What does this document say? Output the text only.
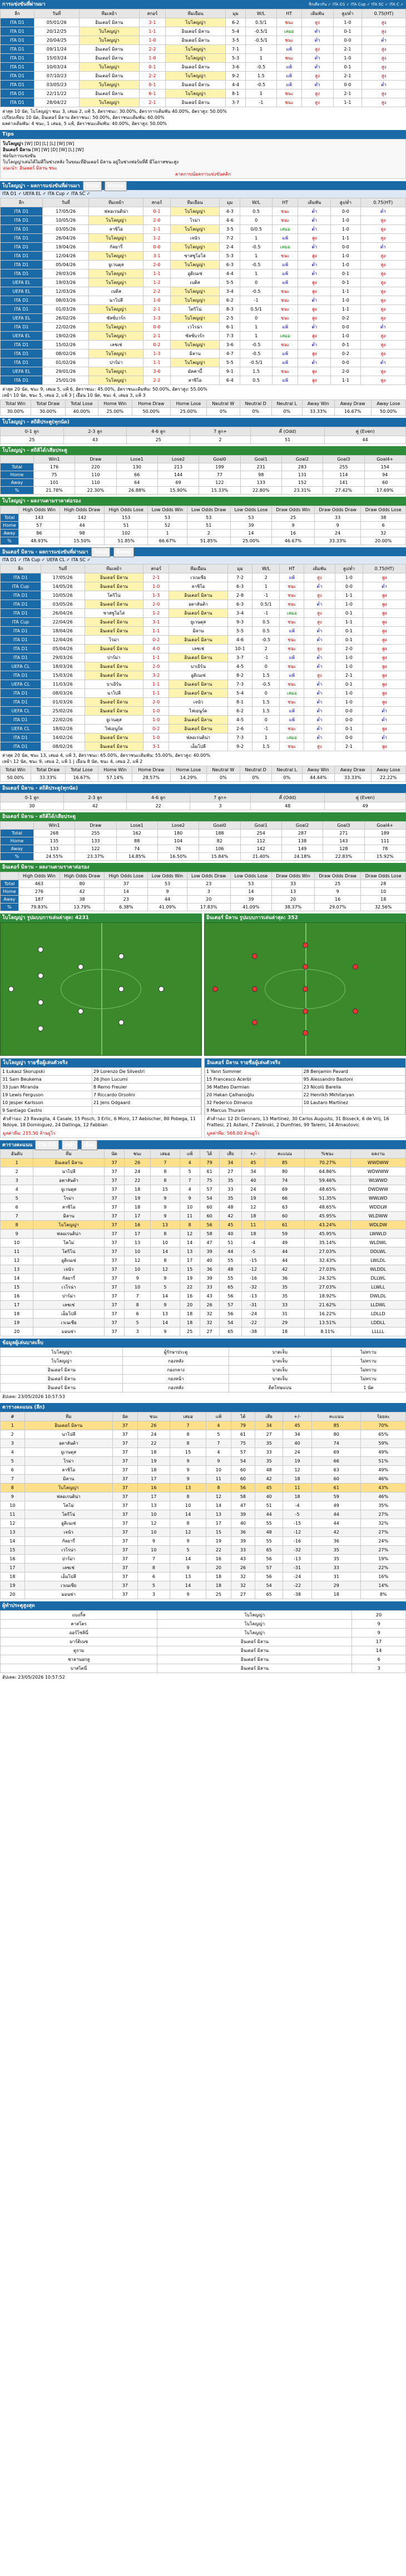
การแข่งขันที่ผ่านมา	ลีกเดียวกัน ✓ ITA D1 ✓ ITA Cup ✓ ITA SC ✓ ITA C ✓
ลีก	วันที่	ทีมเหย้า	สกอร์	ทีมเยือน	มุม	W/L	HT	เดิมพัน	สูง/ต่ำ	0.75(HT)
ITA D1	05/01/26	อินเตอร์ มิลาน	3-1	โบโลญญ่า	6-2	0.5/1	ชนะ	สูง	1-0	สูง
ITA D1	20/12/25	โบโลญญ่า	1-1	อินเตอร์ มิลาน	5-4	-0.5/1	เสมอ	ต่ำ	0-1	สูง
ITA D1	20/04/25	โบโลญญ่า	1-0	อินเตอร์ มิลาน	3-5	-0.5/1	ชนะ	ต่ำ	0-0	ต่ำ
ITA D1	09/11/24	อินเตอร์ มิลาน	2-2	โบโลญญ่า	7-1	1	แพ้	สูง	2-1	สูง
ITA D1	15/03/24	อินเตอร์ มิลาน	1-0	โบโลญญ่า	5-3	1	ชนะ	ต่ำ	1-0	สูง
ITA D1	10/03/24	โบโลญญ่า	0-1	อินเตอร์ มิลาน	3-6	-0.5	แพ้	ต่ำ	0-1	สูง
ITA D1	07/10/23	อินเตอร์ มิลาน	2-2	โบโลญญ่า	9-2	1.5	แพ้	สูง	2-1	สูง
ITA D1	03/05/23	โบโลญญ่า	0-1	อินเตอร์ มิลาน	4-4	-0.5	แพ้	ต่ำ	0-0	ต่ำ
ITA D1	22/11/22	อินเตอร์ มิลาน	6-1	โบโลญญ่า	8-1	1	ชนะ	สูง	2-1	สูง
ITA D1	28/04/22	โบโลญญ่า	2-1	อินเตอร์ มิลาน	3-7	-1	ชนะ	สูง	1-1	สูง
ล่าสุด 10 นัด, โบโลญญ่า ชนะ 3, เสมอ 2, แพ้ 5, อัตราชนะ: 30.00%, อัตราการเดิมพัน 40.00%, อัตราสูง: 50.00%
เปรียบเทียบ 10 นัด, อินเตอร์ มิลาน อัตราชนะ: 50.00%, อัตราชนะเดิมพัน: 60.00%
ผลต่างเดิมพัน: 4 ชนะ, 1 เสมอ, 5 แพ้, อัตราชนะเดิมพัน: 40.00%, อัตราสูง: 50.00%
Tips
โบโลญญ่า [W] [D] [L] [L] [W] [W]
อินเตอร์ มิลาน [W] [W] [D] [W] [L] [W]
ฟอร์มการแข่งขัน
โบโลญญ่าเล่นได้ไม่ดีในช่วงหลัง ในขณะที่อินเตอร์ มิลาน อยู่ในช่วงฟอร์มที่ดี มีโอกาสชนะสูง
แนะนำ: อินเตอร์ มิลาน ชนะ
คาดการณ์ผลการแข่งขันคลิก
โบโลญญ่า - ผลการแข่งขันที่ผ่านมา Total Home
ITA D1 ✓ UEFA EL ✓ ITA Cup ✓ ITA SC ✓
ลีก	วันที่	ทีมเหย้า	สกอร์	ทีมเยือน	มุม	W/L	HT	เดิมพัน	สูง/ต่ำ	0.75(HT)
ITA D1	17/05/26	ฟลอเรนติน่า	0-1	โบโลญญ่า	4-3	0.5	ชนะ	ต่ำ	0-0	ต่ำ
ITA D1	10/05/26	โบโลญญ่า	2-0	โรม่า	4-6	0	ชนะ	ต่ำ	1-0	สูง
ITA D1	03/05/26	ลาซิโอ	1-1	โบโลญญ่า	3-5	0/0.5	เสมอ	ต่ำ	1-0	สูง
ITA D1	26/04/26	โบโลญญ่า	1-2	เจนัว	7-2	1	แพ้	สูง	1-1	สูง
ITA D1	19/04/26	กัลยารี่	0-0	โบโลญญ่า	2-4	-0.5	เสมอ	ต่ำ	0-0	ต่ำ
ITA D1	12/04/26	โบโลญญ่า	3-1	ซาสซูโอโล่	5-3	1	ชนะ	สูง	1-0	สูง
ITA D1	05/04/26	ยูเวนตุส	2-0	โบโลญญ่า	6-3	-0.5	แพ้	ต่ำ	1-0	สูง
ITA D1	29/03/26	โบโลญญ่า	1-1	อูดิเนเซ่	4-4	1	แพ้	ต่ำ	0-1	สูง
UEFA EL	19/03/26	โบโลญญ่า	1-2	เบติส	5-5	0	แพ้	สูง	0-1	สูง
UEFA EL	12/03/26	เบติส	2-2	โบโลญญ่า	3-4	-0.5	ชนะ	สูง	1-1	สูง
ITA D1	08/03/26	นาโปลี	1-0	โบโลญญ่า	6-2	-1	ชนะ	ต่ำ	1-0	สูง
ITA D1	01/03/26	โบโลญญ่า	2-1	โตริโน่	8-3	0.5/1	ชนะ	สูง	1-1	สูง
UEFA EL	26/02/26	ซัลซ์บวร์ก	1-3	โบโลญญ่า	2-5	0	ชนะ	สูง	0-2	สูง
ITA D1	22/02/26	โบโลญญ่า	0-0	เวโรน่า	6-1	1	แพ้	ต่ำ	0-0	ต่ำ
UEFA EL	19/02/26	โบโลญญ่า	2-1	ซัลซ์บวร์ก	7-3	1	เสมอ	สูง	1-0	สูง
ITA D1	15/02/26	เลชเช่	0-2	โบโลญญ่า	3-6	-0.5	ชนะ	ต่ำ	0-1	สูง
ITA D1	08/02/26	โบโลญญ่า	1-3	มิลาน	4-7	-0.5	แพ้	สูง	0-2	สูง
ITA D1	01/02/26	ปาร์ม่า	1-1	โบโลญญ่า	5-5	-0.5/1	แพ้	ต่ำ	0-0	ต่ำ
UEFA EL	29/01/26	โบโลญญ่า	3-0	มัคคาบี้	9-1	1.5	ชนะ	สูง	2-0	สูง
ITA D1	25/01/26	โบโลญญ่า	2-2	ลาซิโอ	6-4	0.5	แพ้	สูง	1-1	สูง
ล่าสุด 20 นัด, ชนะ 9, เสมอ 5, แพ้ 6, อัตราชนะ: 45.00%, อัตราชนะเดิมพัน: 50.00%, อัตราสูง: 55.00%
เหย้า 10 นัด, ชนะ 5, เสมอ 2, แพ้ 3 | เยือน 10 นัด, ชนะ 4, เสมอ 3, แพ้ 3
Total Win	Total Draw	Total Lose	Home Win	Home Draw	Home Lose	Neutral W	Neutral D	Neutral L	Away Win	Away Draw	Away Lose
30.00%	30.00%	40.00%	25.00%	50.00%	25.00%	0%	0%	0%	33.33%	16.67%	50.00%
โบโลญญ่า - สถิติประตู(ทุกนัด)
0-1 ลูก	2-3 ลูก	4-6 ลูก	7 ลูก+	คี่ (Odd)	คู่ (Even)
25	43	25	2	51	44
โบโลญญ่า - สถิติได้/เสียประตู
	Win1	Draw	Lose1	Lose2	Goal0	Goal1	Goal2	Goal3	Goal4+
Total	176	220	130	213	199	231	283	255	154
Home	75	110	66	144	77	98	131	114	94
Away	101	110	64	69	122	133	152	141	60
%	21.78%	22.30%	26.88%	15.90%	15.33%	22.80%	23.31%	27.42%	17.69%
โบโลญญ่า - ผลงานตามราคาต่อรอง
	High Odds Win	High Odds Draw	High Odds Lose	Low Odds Win	Low Odds Draw	Low Odds Lose	Draw Odds Win	Draw Odds Draw	Draw Odds Lose
Total	143	142	153	53	53	53	25	33	38
Home	57	44	51	52	51	39	9	9	6
Away	86	98	102	1	2	14	16	24	32
%	48.93%	15.50%	51.85%	66.67%	51.85%	25.00%	46.67%	33.33%	20.00%
อินเตอร์ มิลาน - ผลการแข่งขันที่ผ่านมา Total Away
ITA D1 ✓ ITA Cup ✓ UEFA CL ✓ ITA SC ✓
ลีก	วันที่	ทีมเหย้า	สกอร์	ทีมเยือน	มุม	W/L	HT	เดิมพัน	สูง/ต่ำ	0.75(HT)
ITA D1	17/05/26	อินเตอร์ มิลาน	2-1	เวเนเซีย	7-2	2	แพ้	สูง	1-0	สูง
ITA Cup	14/05/26	อินเตอร์ มิลาน	1-0	ลาซิโอ	6-3	1	ชนะ	ต่ำ	0-0	ต่ำ
ITA D1	10/05/26	โตริโน่	1-3	อินเตอร์ มิลาน	2-8	-1	ชนะ	สูง	1-1	สูง
ITA D1	03/05/26	อินเตอร์ มิลาน	2-0	อตาลันต้า	6-3	0.5/1	ชนะ	ต่ำ	1-0	สูง
ITA D1	26/04/26	ซาสซูโอโล่	1-2	อินเตอร์ มิลาน	3-4	-1	เสมอ	สูง	0-1	สูง
ITA Cup	22/04/26	อินเตอร์ มิลาน	3-1	ยูเวนตุส	9-3	0.5	ชนะ	สูง	1-1	สูง
ITA D1	18/04/26	อินเตอร์ มิลาน	1-1	มิลาน	5-5	0.5	แพ้	ต่ำ	0-1	สูง
ITA D1	12/04/26	โรม่า	0-2	อินเตอร์ มิลาน	4-6	-0.5	ชนะ	ต่ำ	0-1	สูง
ITA D1	05/04/26	อินเตอร์ มิลาน	4-0	เลชเช่	10-1	2	ชนะ	สูง	2-0	สูง
ITA D1	29/03/26	ปาร์ม่า	1-1	อินเตอร์ มิลาน	3-7	-1	แพ้	ต่ำ	1-0	สูง
UEFA CL	18/03/26	อินเตอร์ มิลาน	2-0	บาเยิร์น	4-5	0	ชนะ	ต่ำ	1-0	สูง
ITA D1	15/03/26	อินเตอร์ มิลาน	3-2	อูดิเนเซ่	8-2	1.5	แพ้	สูง	2-1	สูง
UEFA CL	11/03/26	บาเยิร์น	1-1	อินเตอร์ มิลาน	7-3	-0.5	ชนะ	ต่ำ	0-1	สูง
ITA D1	08/03/26	นาโปลี	1-1	อินเตอร์ มิลาน	5-4	0	เสมอ	ต่ำ	1-0	สูง
ITA D1	01/03/26	อินเตอร์ มิลาน	2-0	เจนัว	8-1	1.5	ชนะ	ต่ำ	1-0	สูง
UEFA CL	25/02/26	อินเตอร์ มิลาน	1-0	ไฟเยนูร์ด	6-2	1.5	แพ้	ต่ำ	0-0	ต่ำ
ITA D1	22/02/26	ยูเวนตุส	1-0	อินเตอร์ มิลาน	4-5	0	แพ้	ต่ำ	0-0	ต่ำ
UEFA CL	18/02/26	ไฟเยนูร์ด	0-2	อินเตอร์ มิลาน	2-6	-1	ชนะ	ต่ำ	0-1	สูง
ITA D1	14/02/26	อินเตอร์ มิลาน	1-0	ฟลอเรนติน่า	7-3	1	เสมอ	ต่ำ	0-0	ต่ำ
ITA D1	08/02/26	อินเตอร์ มิลาน	3-1	เอ็มโปลี	9-2	1.5	ชนะ	สูง	2-1	สูง
ล่าสุด 20 นัด, ชนะ 13, เสมอ 4, แพ้ 3, อัตราชนะ: 65.00%, อัตราชนะเดิมพัน: 55.00%, อัตราสูง: 40.00%
เหย้า 12 นัด, ชนะ 9, เสมอ 2, แพ้ 1 | เยือน 8 นัด, ชนะ 4, เสมอ 2, แพ้ 2
Total Win	Total Draw	Total Lose	Home Win	Home Draw	Home Lose	Neutral W	Neutral D	Neutral L	Away Win	Away Draw	Away Lose
50.00%	33.33%	16.67%	57.14%	28.57%	14.29%	0%	0%	0%	44.44%	33.33%	22.22%
อินเตอร์ มิลาน - สถิติประตู(ทุกนัด)
0-1 ลูก	2-3 ลูก	4-6 ลูก	7 ลูก+	คี่ (Odd)	คู่ (Even)
30	42	22	3	48	49
อินเตอร์ มิลาน - สถิติได้/เสียประตู
	Win1	Draw	Lose1	Lose2	Goal0	Goal1	Goal2	Goal3	Goal4+
Total	268	255	162	180	188	254	287	271	189
Home	135	133	88	104	82	112	138	143	111
Away	133	122	74	76	106	142	149	128	78
%	24.55%	23.37%	14.85%	16.50%	15.84%	21.40%	24.18%	22.83%	15.92%
อินเตอร์ มิลาน - ผลงานตามราคาต่อรอง
	High Odds Win	High Odds Draw	High Odds Lose	Low Odds Win	Low Odds Draw	Low Odds Lose	Draw Odds Win	Draw Odds Draw	Draw Odds Lose
Total	463	80	37	53	23	53	33	25	28
Home	276	42	14	9	3	14	13	9	10
Away	187	38	23	44	20	39	20	16	18
%	79.83%	13.79%	6.38%	41.09%	17.83%	41.09%	38.37%	29.07%	32.56%
โบโลญญ่า รูปแบบการเล่นล่าสุด: 4231	อินเตอร์ มิลาน รูปแบบการเล่นล่าสุด: 352
โบโลญญ่า รายชื่อผู้เล่นตัวจริง
1 Łukasz Skorupski	29 Lorenzo De Silvestri
31 Sam Beukema	26 Jhon Lucumí
33 Juan Miranda	8 Remo Freuler
19 Lewis Ferguson	7 Riccardo Orsolini
10 Jesper Karlsson	21 Jens Odgaard
9 Santiago Castro	
ตัวสำรอง: 23 Ravaglia, 4 Casale, 15 Posch, 3 Erlic, 6 Moro, 17 Aebischer, 80 Pobega, 11 Ndoye, 18 Dominguez, 24 Dallinga, 12 Fabbian
มูลค่าทีม: 215.50 ล้านยูโร
อินเตอร์ มิลาน รายชื่อผู้เล่นตัวจริง
1 Yann Sommer	28 Benjamin Pavard
15 Francesco Acerbi	95 Alessandro Bastoni
36 Matteo Darmian	23 Nicolò Barella
20 Hakan Çalhanoğlu	22 Henrikh Mkhitaryan
32 Federico Dimarco	10 Lautaro Martínez
9 Marcus Thuram	
ตัวสำรอง: 12 Di Gennaro, 13 Martinez, 30 Carlos Augusto, 31 Bisseck, 6 de Vrij, 16 Frattesi, 21 Asllani, 7 Zielinski, 2 Dumfries, 99 Taremi, 14 Arnautovic
มูลค่าทีม: 568.00 ล้านยูโร
ตารางคะแนน ITA D1 เหย้า เยือน
อันดับ	ทีม	นัด	ชนะ	เสมอ	แพ้	ได้	เสีย	+/-	คะแนน	%ชนะ	ผลงาน
1	อินเตอร์ มิลาน	37	26	7	4	79	34	45	85	70.27%	WWDWW
2	นาโปลี	37	24	8	5	61	27	34	80	64.86%	WDWWW
3	อตาลันต้า	37	22	8	7	75	35	40	74	59.46%	WLWWD
4	ยูเวนตุส	37	18	15	4	57	33	24	69	48.65%	DWDWW
5	โรม่า	37	19	9	9	54	35	19	66	51.35%	WWLWD
6	ลาซิโอ	37	18	9	10	60	48	12	63	48.65%	WDDLW
7	มิลาน	37	17	9	11	60	42	18	60	45.95%	WLDWW
8	โบโลญญ่า	37	16	13	8	56	45	11	61	43.24%	WDLDW
9	ฟลอเรนติน่า	37	17	8	12	58	40	18	59	45.95%	LWWLD
10	โคโม่	37	13	10	14	47	51	-4	49	35.14%	WLDWL
11	โตริโน่	37	10	14	13	39	44	-5	44	27.03%	DDLWL
12	อูดิเนเซ่	37	12	8	17	40	55	-15	44	32.43%	LWLDL
13	เจนัว	37	10	12	15	36	48	-12	42	27.03%	WLDDL
14	กัลยารี่	37	9	9	19	39	55	-16	36	24.32%	DLLWL
15	เวโรน่า	37	10	5	22	33	65	-32	35	27.03%	LLWLL
16	ปาร์ม่า	37	7	14	16	43	56	-13	35	18.92%	DWLDL
17	เลชเช่	37	8	9	20	26	57	-31	33	21.62%	LLDWL
18	เอ็มโปลี	37	6	13	18	32	56	-24	31	16.22%	LDLLD
19	เวเนเซีย	37	5	14	18	32	54	-22	29	13.51%	LDDLL
20	มอนซ่า	37	3	9	25	27	65	-38	18	8.11%	LLLLL
ข้อมูลผู้เล่นบาดเจ็บ
โบโลญญ่า	ผู้รักษาประตู	บาดเจ็บ	ไม่ทราบ
โบโลญญ่า	กองหลัง	บาดเจ็บ	ไม่ทราบ
อินเตอร์ มิลาน	กองกลาง	บาดเจ็บ	ไม่ทราบ
อินเตอร์ มิลาน	กองหน้า	บาดเจ็บ	ไม่ทราบ
อินเตอร์ มิลาน	กองหลัง	ติดโทษแบน	1 นัด
อัปเดต: 23/05/2026 10:57:53
ตารางคะแนน (ลีก)
#	ทีม	นัด	ชนะ	เสมอ	แพ้	ได้	เสีย	+/-	คะแนน	ร้อยละ
1	อินเตอร์ มิลาน	37	26	7	4	79	34	45	85	70%
2	นาโปลี	37	24	8	5	61	27	34	80	65%
3	อตาลันต้า	37	22	8	7	75	35	40	74	59%
4	ยูเวนตุส	37	18	15	4	57	33	24	69	49%
5	โรม่า	37	19	9	9	54	35	19	66	51%
6	ลาซิโอ	37	18	9	10	60	48	12	63	49%
7	มิลาน	37	17	9	11	60	42	18	60	46%
8	โบโลญญ่า	37	16	13	8	56	45	11	61	43%
9	ฟลอเรนติน่า	37	17	8	12	58	40	18	59	46%
10	โคโม่	37	13	10	14	47	51	-4	49	35%
11	โตริโน่	37	10	14	13	39	44	-5	44	27%
12	อูดิเนเซ่	37	12	8	17	40	55	-15	44	32%
13	เจนัว	37	10	12	15	36	48	-12	42	27%
14	กัลยารี่	37	9	9	19	39	55	-16	36	24%
15	เวโรน่า	37	10	5	22	33	65	-32	35	27%
16	ปาร์ม่า	37	7	14	16	43	56	-13	35	19%
17	เลชเช่	37	8	9	20	26	57	-31	33	22%
18	เอ็มโปลี	37	6	13	18	32	56	-24	31	16%
19	เวเนเซีย	37	5	14	18	32	54	-22	29	14%
20	มอนซ่า	37	3	9	25	27	65	-38	18	8%
ผู้ทำประตูสูงสุด
แบงกิ้ล	โบโลญญ่า	20
คาสโตร	โบโลญญ่า	9
ออร์โซลินี่	โบโลญญ่า	9
มาร์ติเนซ	อินเตอร์ มิลาน	17
ตูราม	อินเตอร์ มิลาน	14
ชาลานอกลู	อินเตอร์ มิลาน	6
บาสโตนี่	อินเตอร์ มิลาน	3
อัปเดต: 23/05/2026 10:57:52
